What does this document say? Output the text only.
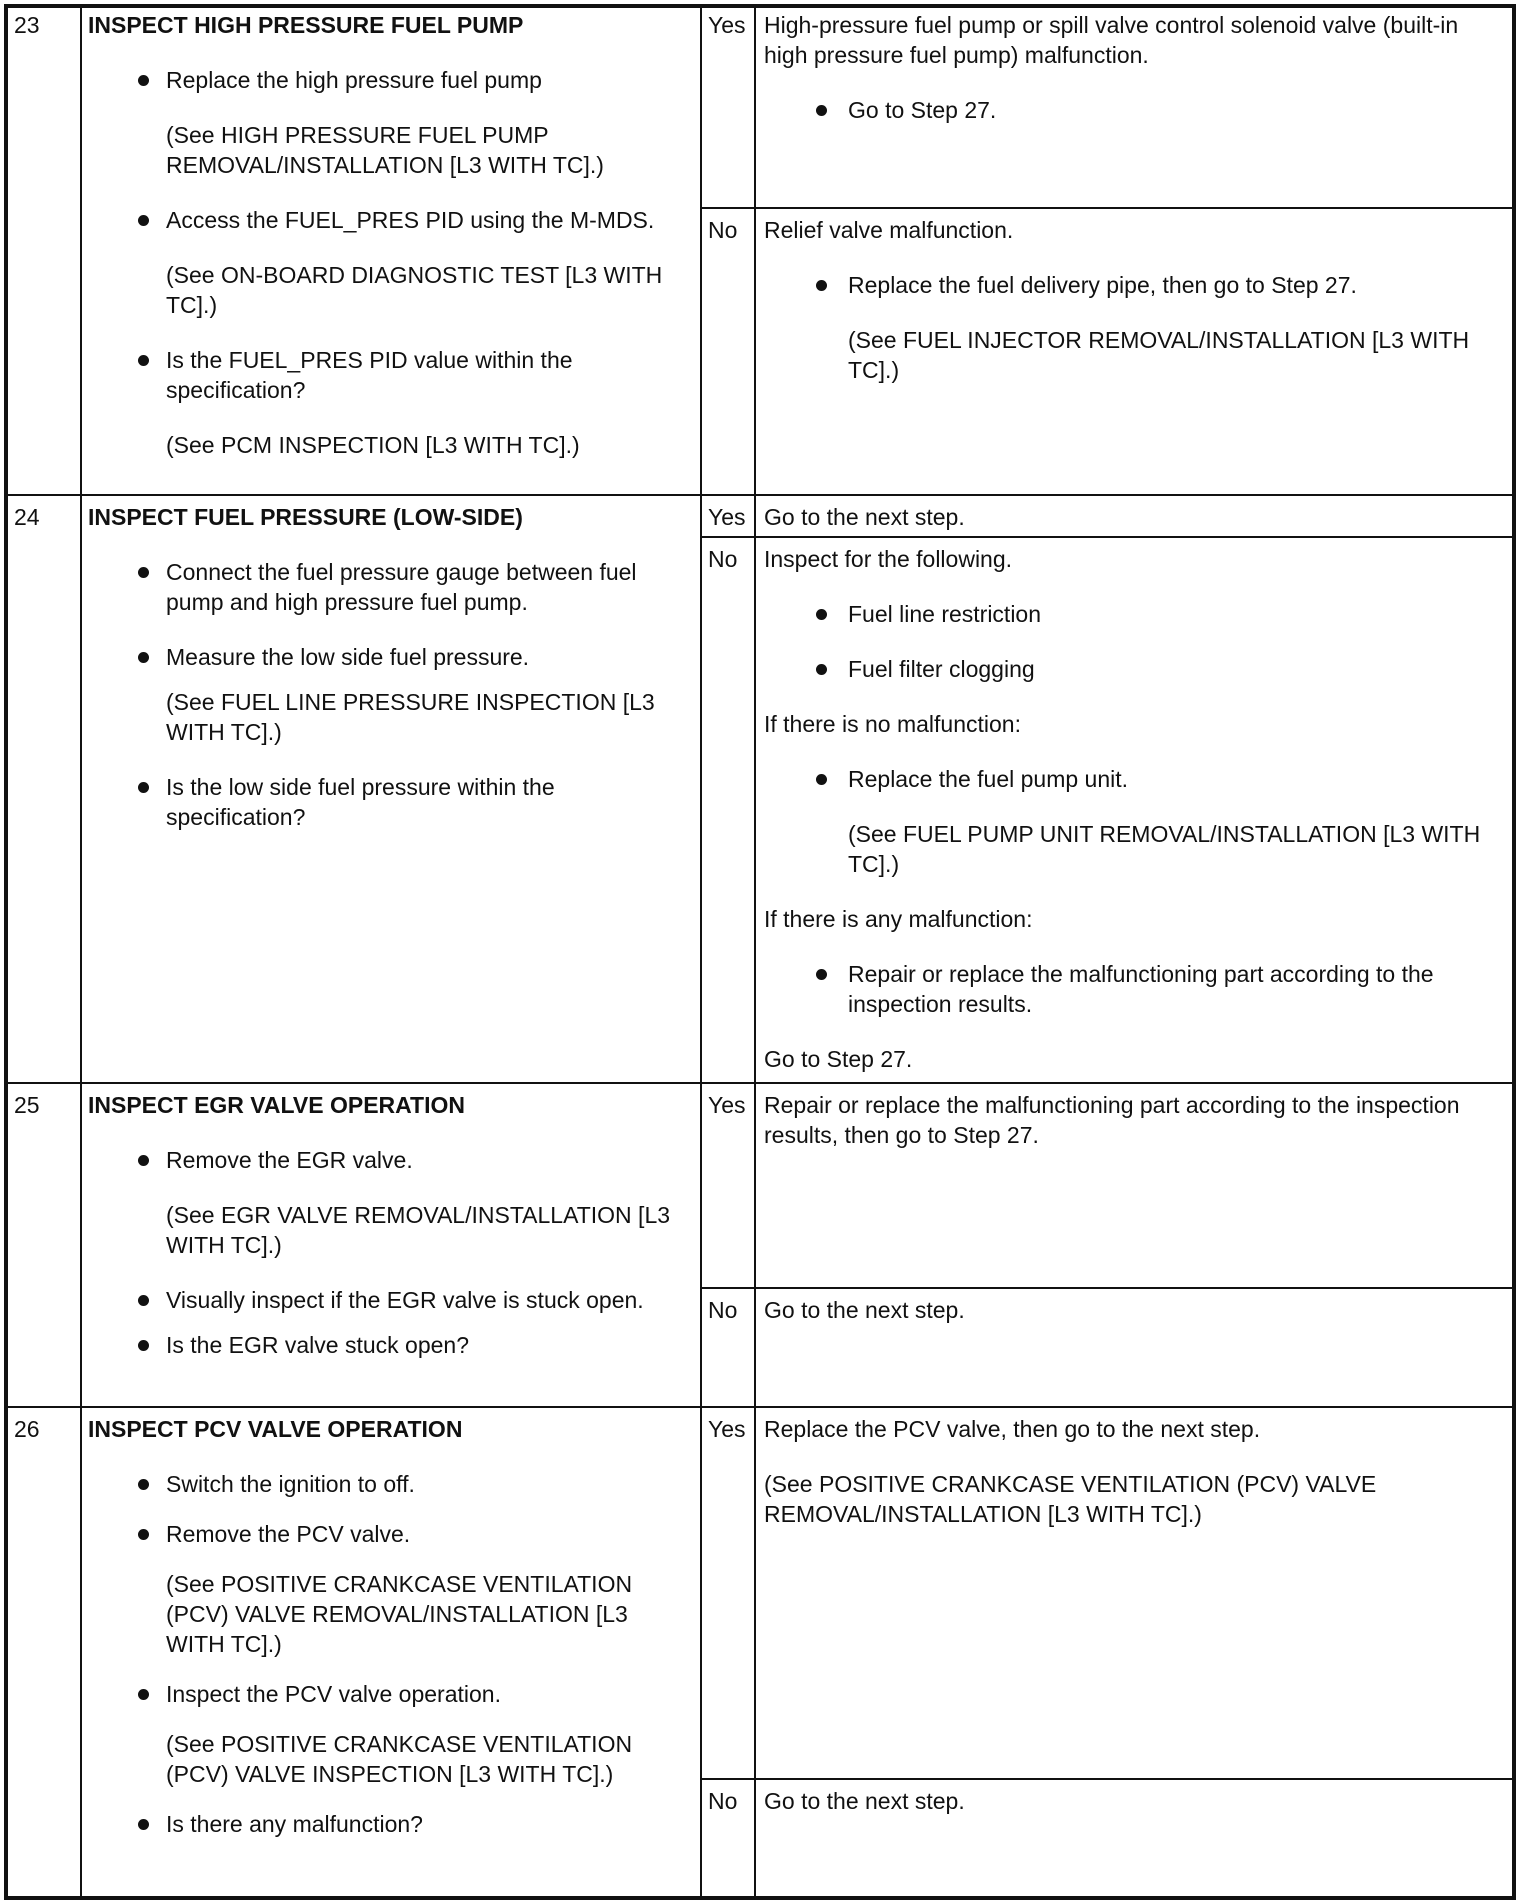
23	INSPECT HIGH PRESSURE FUEL PUMP
Replace the high pressure fuel pump
(See HIGH PRESSURE FUEL PUMP REMOVAL/INSTALLATION [L3 WITH TC].)
Access the FUEL_PRES PID using the M-MDS.
(See ON-BOARD DIAGNOSTIC TEST [L3 WITH TC].)
Is the FUEL_PRES PID value within the specification?
(See PCM INSPECTION [L3 WITH TC].)
Yes High-pressure fuel pump or spill valve control solenoid valve (built-in high pressure fuel pump) malfunction.
Go to Step 27.
No	Relief valve malfunction.
Replace the fuel delivery pipe, then go to Step 27.
(See FUEL INJECTOR REMOVAL/INSTALLATION [L3 WITH TC].)
24	INSPECT FUEL PRESSURE (LOW-SIDE)
Connect the fuel pressure gauge between fuel pump and high pressure fuel pump.
Measure the low side fuel pressure.
(See FUEL LINE PRESSURE INSPECTION [L3 WITH TC].)
Is the low side fuel pressure within the specification?
Yes Go to the next step.
No	Inspect for the following.
Fuel line restriction
Fuel filter clogging
If there is no malfunction:
Replace the fuel pump unit.
(See FUEL PUMP UNIT REMOVAL/INSTALLATION [L3 WITH TC].)
If there is any malfunction:
Repair or replace the malfunctioning part according to the inspection results.
Go to Step 27.
25	INSPECT EGR VALVE OPERATION
Remove the EGR valve.
(See EGR VALVE REMOVAL/INSTALLATION [L3 WITH TC].)
Visually inspect if the EGR valve is stuck open.
Is the EGR valve stuck open?
Yes Repair or replace the malfunctioning part according to the inspection results, then go to Step 27.
No	Go to the next step.
26	INSPECT PCV VALVE OPERATION
Switch the ignition to off.
Remove the PCV valve.
(See POSITIVE CRANKCASE VENTILATION (PCV) VALVE REMOVAL/INSTALLATION [L3 WITH TC].)
Inspect the PCV valve operation.
(See POSITIVE CRANKCASE VENTILATION (PCV) VALVE INSPECTION [L3 WITH TC].)
Is there any malfunction?
Yes Replace the PCV valve, then go to the next step.
(See POSITIVE CRANKCASE VENTILATION (PCV) VALVE REMOVAL/INSTALLATION [L3 WITH TC].)
No	Go to the next step.
